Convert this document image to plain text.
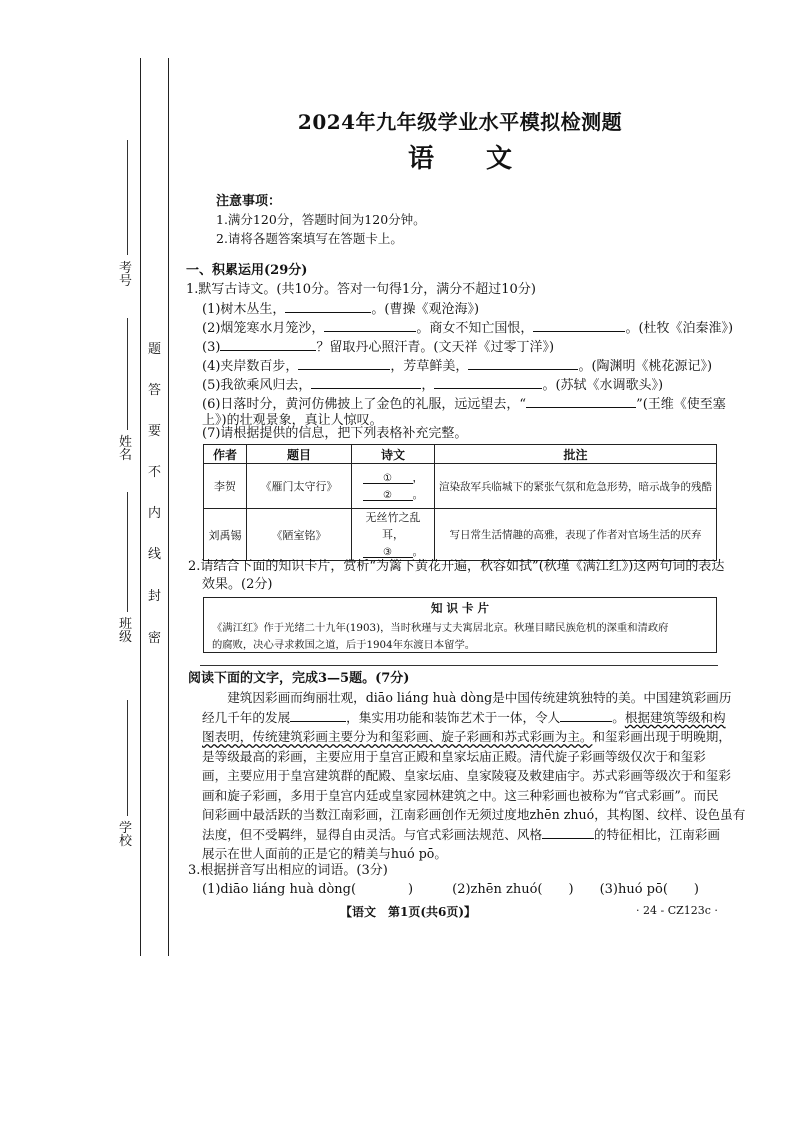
考号
姓名
班级
学校
密
封
线
内
不
要
答
题
2024年九年级学业水平模拟检测题
语　　文
注意事项：
1.满分120分，答题时间为120分钟。
2.请将各题答案填写在答题卡上。
一、积累运用(29分)
1.默写古诗文。(共10分。答对一句得1分，满分不超过10分)
(1)树木丛生，	。(曹操《观沧海》)
(2)烟笼寒水月笼沙，	。商女不知亡国恨，	。(杜牧《泊秦淮》)
(3)	？留取丹心照汗青。(文天祥《过零丁洋》)
(4)夹岸数百步，	，芳草鲜美，	。(陶渊明《桃花源记》)
(5)我欲乘风归去，	，	。(苏轼《水调歌头》)
(6)日落时分，黄河仿佛披上了金色的礼服，远远望去，“	”(王维《使至塞
上》)的壮观景象，真让人惊叹。
(7)请根据提供的信息，把下列表格补充完整。
作者	题目	诗文	批注
李贺	《雁门太守行》	① ，
② 。	渲染敌军兵临城下的紧张气氛和危急形势，暗示战争的残酷
刘禹锡	《陋室铭》	无丝竹之乱耳，
③ 。	写日常生活情趣的高雅，表现了作者对官场生活的厌弃
2.请结合下面的知识卡片，赏析“为篱下黄花开遍，秋容如拭”(秋瑾《满江红》)这两句词的表达
效果。(2分)
知 识 卡 片
《满江红》作于光绪二十九年(1903)，当时秋瑾与丈夫寓居北京。秋瑾目睹民族危机的深重和清政府
的腐败，决心寻求救国之道，后于1904年东渡日本留学。
阅读下面的文字，完成3—5题。(7分)
　　建筑因彩画而绚丽壮观，diāo liáng huà dòng是中国传统建筑独特的美。中国建筑彩画历
经几千年的发展	，集实用功能和装饰艺术于一体，令人	。根据建筑等级和构
图表明，传统建筑彩画主要分为和玺彩画、旋子彩画和苏式彩画为主。和玺彩画出现于明晚期，
是等级最高的彩画，主要应用于皇宫正殿和皇家坛庙正殿。清代旋子彩画等级仅次于和玺彩
画，主要应用于皇宫建筑群的配殿、皇家坛庙、皇家陵寝及敕建庙宇。苏式彩画等级次于和玺彩
画和旋子彩画，多用于皇宫内廷或皇家园林建筑之中。这三种彩画也被称为“官式彩画”。而民
间彩画中最活跃的当数江南彩画，江南彩画创作无须过度地zhēn zhuó，其构图、纹样、设色虽有
法度，但不受羁绊，显得自由灵活。与官式彩画法规范、风格	的特征相比，江南彩画
展示在世人面前的正是它的精美与huó pō。
3.根据拼音写出相应的词语。(3分)
(1)diāo liáng huà dòng(　　　　)　　　	(2)zhēn zhuó(　　)　　 (3)huó pō(　　)
【语文　第1页(共6页)】	· 24 - CZ123c ·
